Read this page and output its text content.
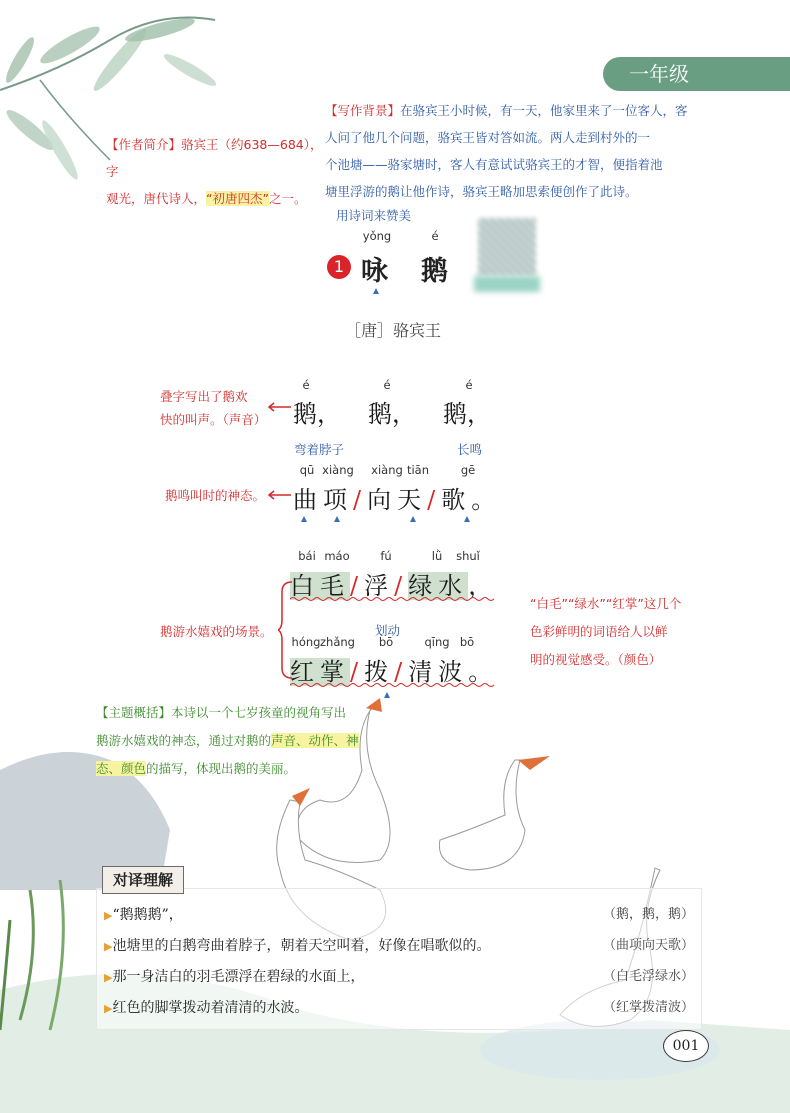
一年级
【写作背景】在骆宾王小时候，有一天，他家里来了一位客人，客
人问了他几个问题，骆宾王皆对答如流。两人走到村外的一
个池塘——骆家塘时，客人有意试试骆宾王的才智，便指着池
塘里浮游的鹅让他作诗，骆宾王略加思索便创作了此诗。
【作者简介】骆宾王（约638—684），字
观光，唐代诗人，“初唐四杰”之一。
用诗词来赞美
1
yǒng	é
咏 鹅
［唐］骆宾王
é	é	é
鹅， 鹅， 鹅，
弯着脖子	长鸣
qū xiàng xiàng tiān	gē
曲项/向天/歌。
bái máo	fú	lǜ	shuǐ
白毛/浮/绿水，
划动
hóng zhǎng	bō	qīng bō
红掌/拨/清波。
叠字写出了鹅欢
快的叫声。（声音）
鹅鸣叫时的神态。
鹅游水嬉戏的场景。
“白毛”“绿水”“红掌”这几个
色彩鲜明的词语给人以鲜
明的视觉感受。（颜色）
【主题概括】本诗以一个七岁孩童的视角写出
鹅游水嬉戏的神态，通过对鹅的声音、动作、神
态、颜色的描写，体现出鹅的美丽。
对译理解
▶“鹅鹅鹅”，	（鹅，鹅，鹅）
▶池塘里的白鹅弯曲着脖子，朝着天空叫着，好像在唱歌似的。	（曲项向天歌）
▶那一身洁白的羽毛漂浮在碧绿的水面上，	（白毛浮绿水）
▶红色的脚掌拨动着清清的水波。	（红掌拨清波）
001
